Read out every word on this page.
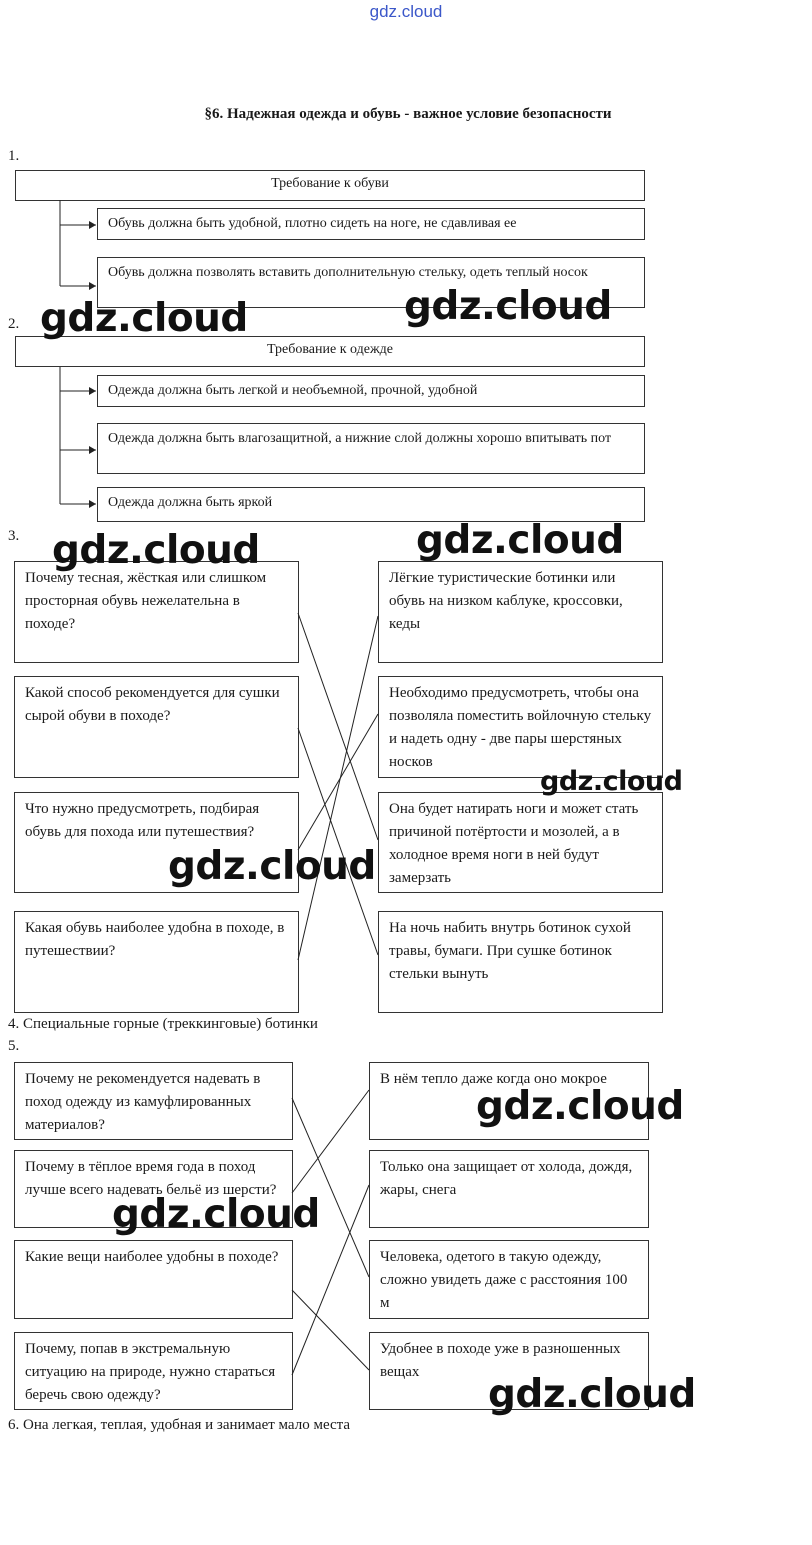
gdz.cloud
§6. Надежная одежда и обувь - важное условие безопасности
1.
Требование к обуви
Обувь должна быть удобной, плотно сидеть на ноге, не сдавливая ее
Обувь должна позволять вставить дополнительную стельку, одеть теплый носок
2.
Требование к одежде
Одежда должна быть легкой и необъемной, прочной, удобной
Одежда должна быть влагозащитной, а нижние слой должны хорошо впитывать пот
Одежда должна быть яркой
3.
Почему тесная, жёсткая или слишком просторная обувь нежелательна в походе?
Какой способ рекомендуется для сушки сырой обуви в походе?
Что нужно предусмотреть, подбирая обувь для похода или путешествия?
Какая обувь наиболее удобна в походе, в путешествии?
Лёгкие туристические ботинки или обувь на низком каблуке, кроссовки, кеды
Необходимо предусмотреть, чтобы она позволяла поместить войлочную стельку и надеть одну - две пары шерстяных носков
Она будет натирать ноги и может стать причиной потёртости и мозолей, а в холодное время ноги в ней будут замерзать
На ночь набить внутрь ботинок сухой травы, бумаги. При сушке ботинок стельки вынуть
4. Специальные горные (треккинговые) ботинки
5.
Почему не рекомендуется надевать в поход одежду из камуфлированных материалов?
Почему в тёплое время года в поход лучше всего надевать бельё из шерсти?
Какие вещи наиболее удобны в походе?
Почему, попав в экстремальную ситуацию на природе, нужно стараться беречь свою одежду?
В нём тепло даже когда оно мокрое
Только она защищает от холода, дождя, жары, снега
Человека, одетого в такую одежду, сложно увидеть даже с расстояния 100 м
Удобнее в походе уже в разношенных вещах
6. Она легкая, теплая, удобная и занимает мало места
gdz.cloud	gdz.cloud
gdz.cloud	gdz.cloud
gdz.cloud
gdz.cloud
gdz.cloud
gdz.cloud
gdz.cloud
